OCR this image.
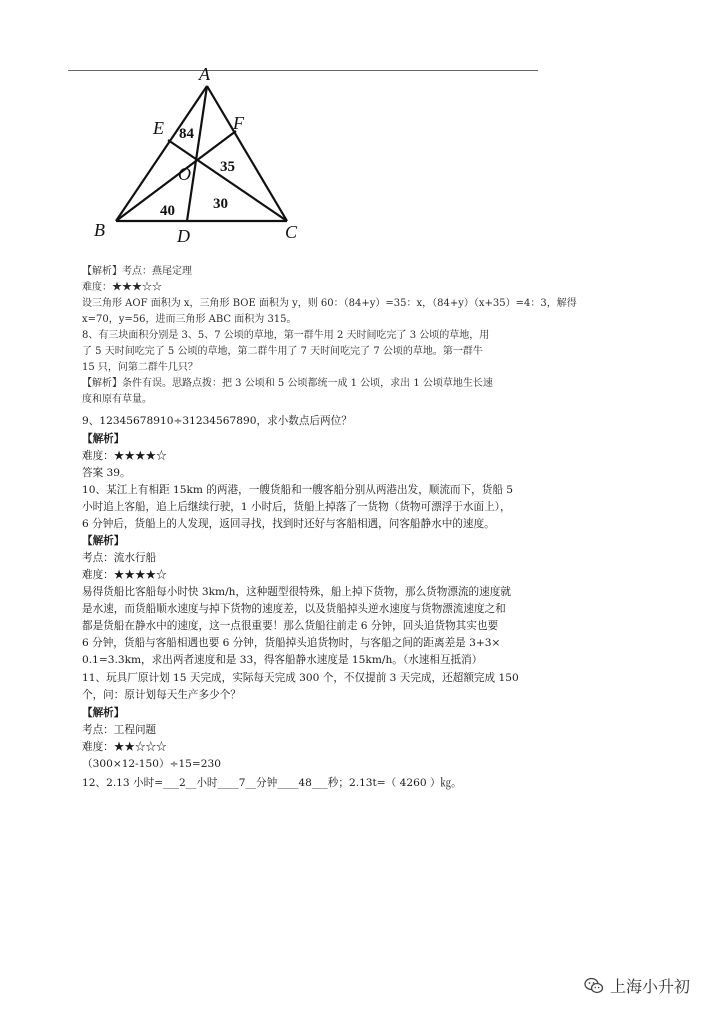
A
B	C
D
E	F
O
84
35
40	30
【解析】考点：燕尾定理
难度：★★★☆☆
设三角形 AOF 面积为 x，三角形 BOE 面积为 y，则 60：（84+y）=35：x，（84+y）（x+35）=4：3，解得
x=70，y=56，进而三角形 ABC 面积为 315。
8、有三块面积分别是 3、5、7 公顷的草地，第一群牛用 2 天时间吃完了 3 公顷的草地，用
了 5 天时间吃完了 5 公顷的草地，第二群牛用了 7 天时间吃完了 7 公顷的草地。第一群牛
15 只，问第二群牛几只？
【解析】条件有误。思路点拨：把 3 公顷和 5 公顷都统一成 1 公顷，求出 1 公顷草地生长速
度和原有草量。
9、12345678910÷31234567890，求小数点后两位？
【解析】
难度：★★★★☆
答案 39。
10、某江上有相距 15km 的两港，一艘货船和一艘客船分别从两港出发，顺流而下，货船 5
小时追上客船，追上后继续行驶，1 小时后，货船上掉落了一货物（货物可漂浮于水面上），
6 分钟后，货船上的人发现，返回寻找，找到时还好与客船相遇，问客船静水中的速度。
【解析】
考点：流水行船
难度：★★★★☆
易得货船比客船每小时快 3km/h，这种题型很特殊，船上掉下货物，那么货物漂流的速度就
是水速，而货船顺水速度与掉下货物的速度差，以及货船掉头逆水速度与货物漂流速度之和
都是货船在静水中的速度，这一点很重要！那么货船往前走 6 分钟，回头追货物其实也要
6 分钟，货船与客船相遇也要 6 分钟，货船掉头追货物时，与客船之间的距离差是 3+3×
0.1=3.3km，求出两者速度和是 33，得客船静水速度是 15km/h。（水速相互抵消）
11、玩具厂原计划 15 天完成，实际每天完成 300 个，不仅提前 3 天完成，还超额完成 150
个，问：原计划每天生产多少个？
【解析】
考点：工程问题
难度：★★☆☆☆
（300×12-150）÷15=230
12、2.13 小时=___2__小时____7__分钟____48___秒；2.13t=（ 4260 ）㎏。
上海小升初
